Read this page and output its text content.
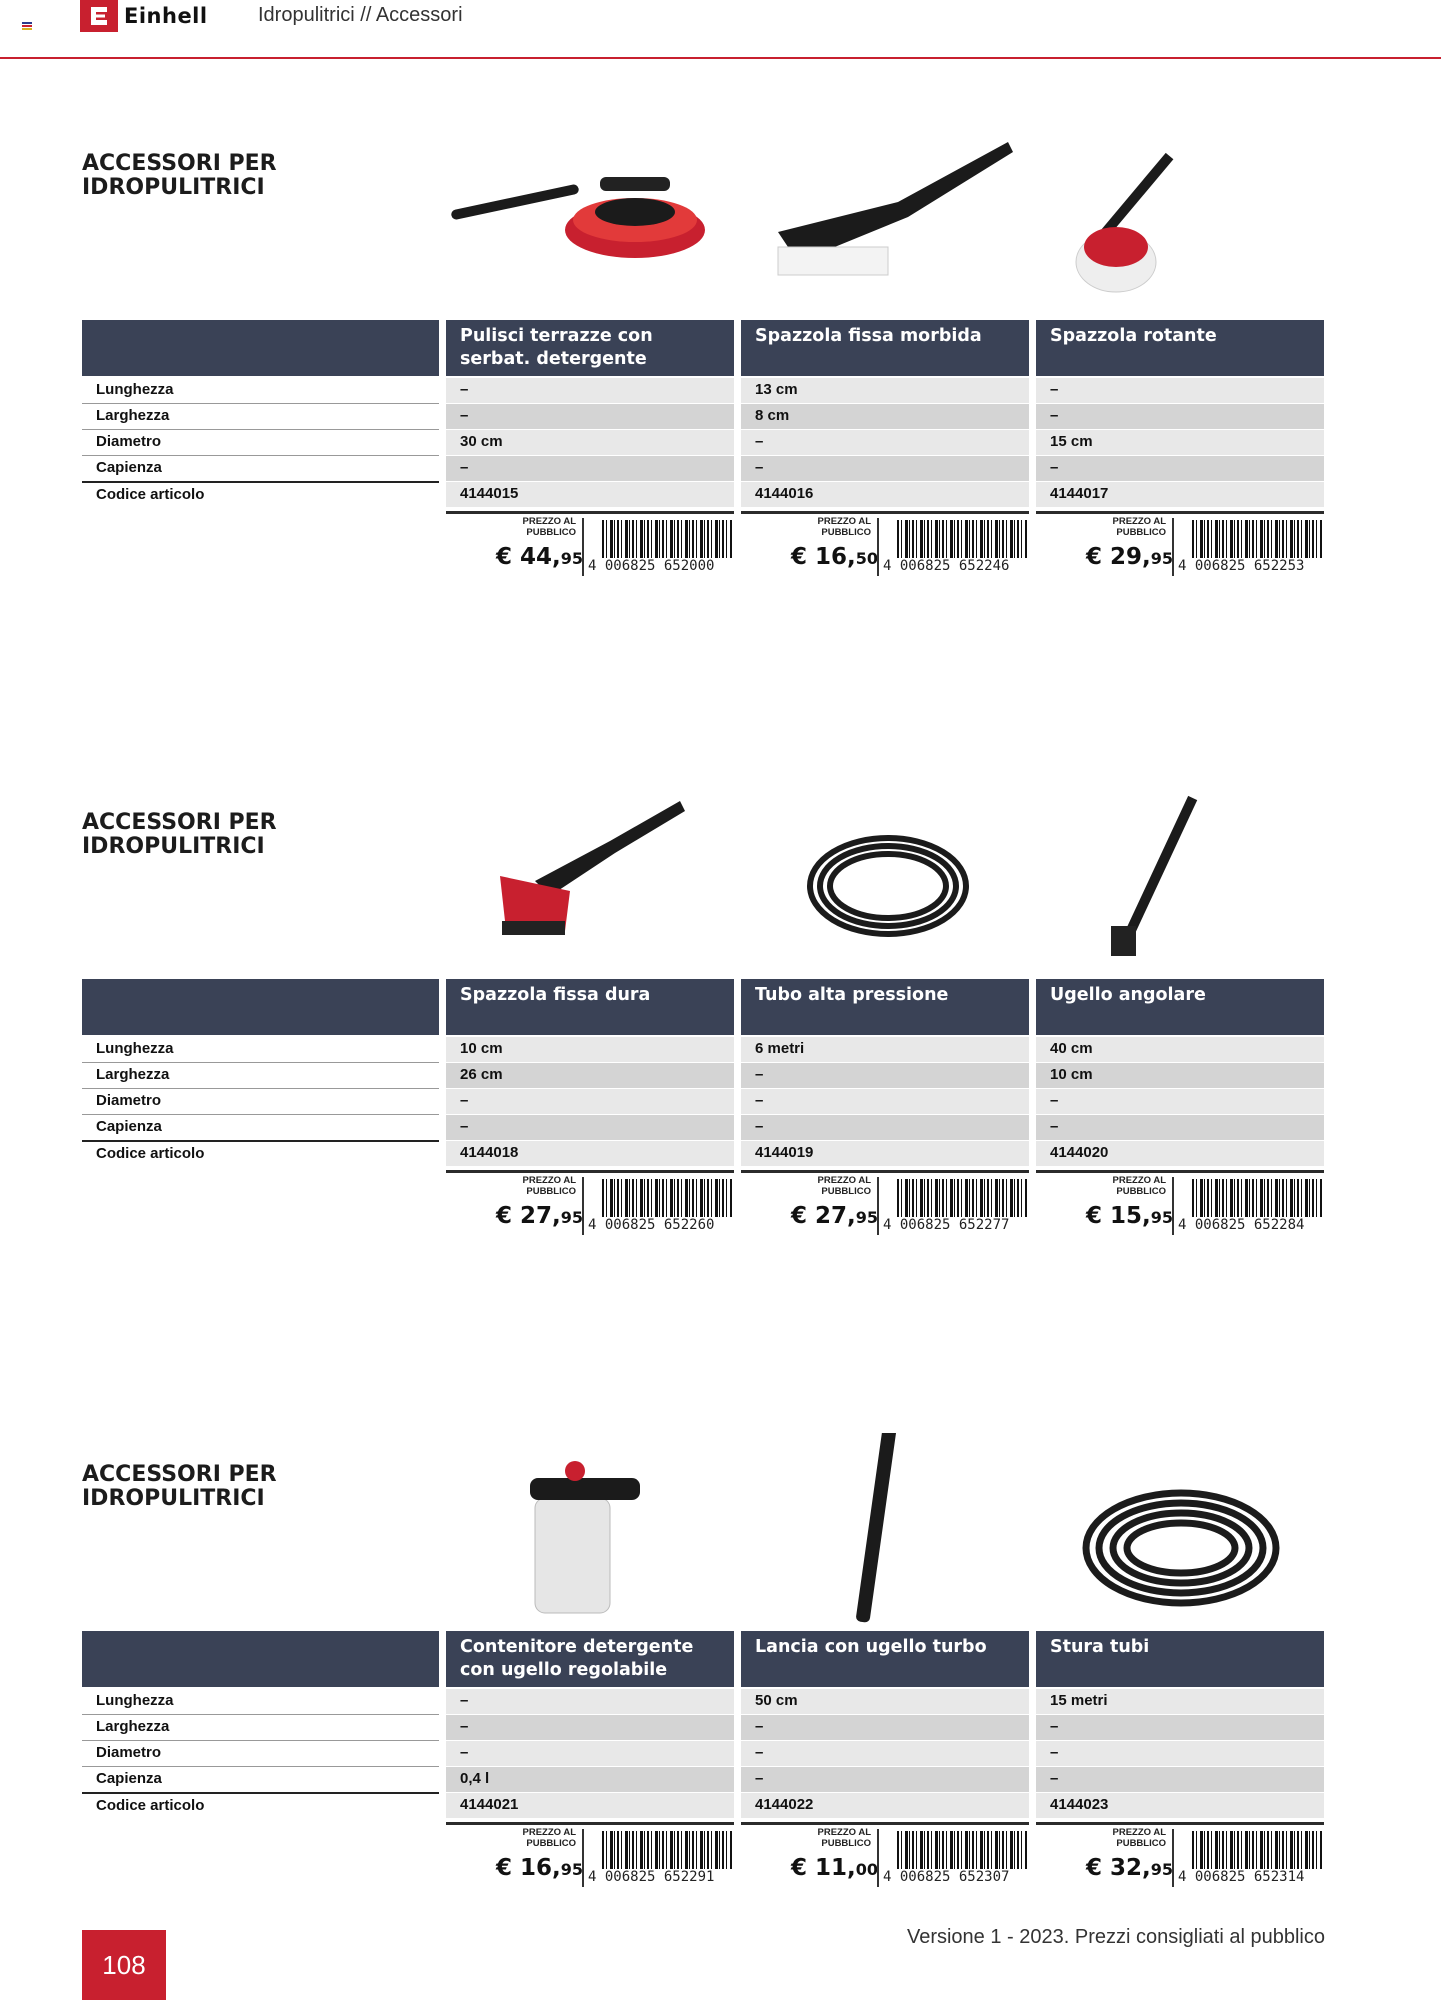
Einhell	Idropulitrici // Accessori
ACCESSORI PER IDROPULITRICI
Lunghezza
Larghezza
Diametro
Capienza
Codice articolo
Pulisci terrazze con serbat. detergente
–
–
30 cm
–
4144015
PREZZO AL
PUBBLICO
€ 44,95 4 006825 652000
Spazzola fissa morbida
13 cm
8 cm
–
–
4144016
PREZZO AL
PUBBLICO
€ 16,50 4 006825 652246
Spazzola rotante
–
–
15 cm
–
4144017
PREZZO AL
PUBBLICO
€ 29,95 4 006825 652253
ACCESSORI PER IDROPULITRICI
Lunghezza
Larghezza
Diametro
Capienza
Codice articolo
Spazzola fissa dura
10 cm
26 cm
–
–
4144018
PREZZO AL
PUBBLICO
€ 27,95 4 006825 652260
Tubo alta pressione
6 metri
–
–
–
4144019
PREZZO AL
PUBBLICO
€ 27,95 4 006825 652277
Ugello angolare
40 cm
10 cm
–
–
4144020
PREZZO AL
PUBBLICO
€ 15,95 4 006825 652284
ACCESSORI PER IDROPULITRICI
Lunghezza
Larghezza
Diametro
Capienza
Codice articolo
Contenitore detergente con ugello regolabile
–
–
–
0,4 l
4144021
PREZZO AL
PUBBLICO
€ 16,95 4 006825 652291
Lancia con ugello turbo
50 cm
–
–
–
4144022
PREZZO AL
PUBBLICO
€ 11,00 4 006825 652307
Stura tubi
15 metri
–
–
–
4144023
PREZZO AL
PUBBLICO
€ 32,95 4 006825 652314
108
Versione 1 - 2023. Prezzi consigliati al pubblico
